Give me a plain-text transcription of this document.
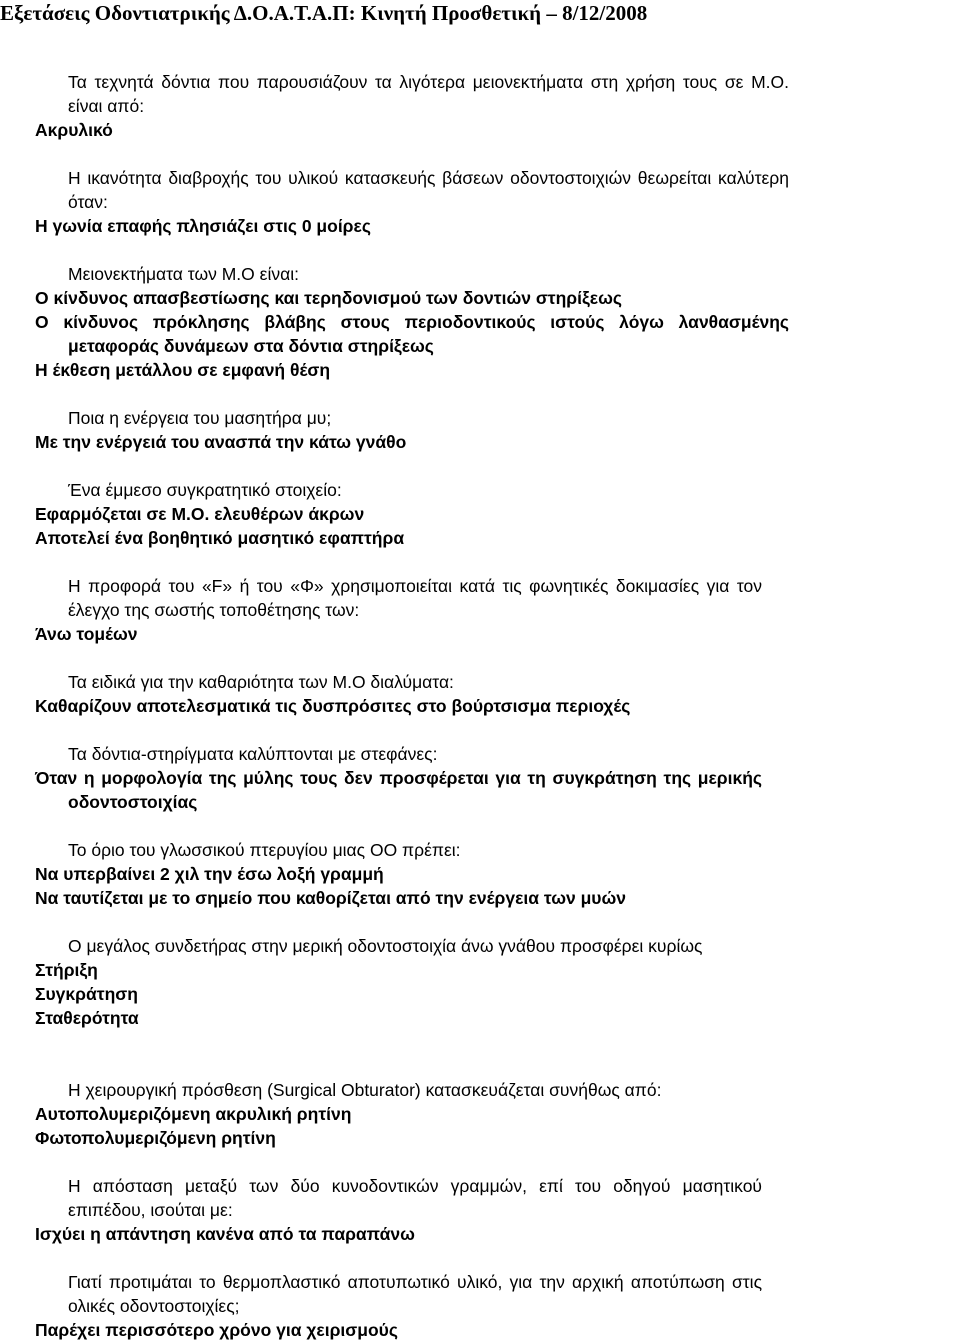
Εξετάσεις Οδοντιατρικής Δ.Ο.Α.Τ.Α.Π: Κινητή Προσθετική – 8/12/2008
Τα τεχνητά δόντια που παρουσιάζουν τα λιγότερα μειονεκτήματα στη χρήση τους σε Μ.Ο. είναι από:
Ακρυλικό
Η ικανότητα διαβροχής του υλικού κατασκευής βάσεων οδοντοστοιχιών θεωρείται καλύτερη όταν:
Η γωνία επαφής πλησιάζει στις 0 μοίρες
Μειονεκτήματα των Μ.Ο είναι:
Ο κίνδυνος απασβεστίωσης και τερηδονισμού των δοντιών στηρίξεως
Ο κίνδυνος πρόκλησης βλάβης στους περιοδοντικούς ιστούς λόγω λανθασμένης μεταφοράς δυνάμεων στα δόντια στηρίξεως
Η έκθεση μετάλλου σε εμφανή θέση
Ποια η ενέργεια του μασητήρα μυ;
Με την ενέργειά του ανασπά την κάτω γνάθο
Ένα έμμεσο συγκρατητικό στοιχείο:
Εφαρμόζεται σε Μ.Ο. ελευθέρων άκρων
Αποτελεί ένα βοηθητικό μασητικό εφαπτήρα
Η προφορά του «F» ή του «Φ» χρησιμοποιείται κατά τις φωνητικές δοκιμασίες για τον έλεγχο της σωστής τοποθέτησης των:
Άνω τομέων
Τα ειδικά για την καθαριότητα των Μ.Ο διαλύματα:
Καθαρίζουν αποτελεσματικά τις δυσπρόσιτες στο βούρτσισμα περιοχές
Τα δόντια-στηρίγματα καλύπτονται με στεφάνες:
Όταν η μορφολογία της μύλης τους δεν προσφέρεται για τη συγκράτηση της μερικής οδοντοστοιχίας
Το όριο του γλωσσικού πτερυγίου μιας ΟΟ πρέπει:
Να υπερβαίνει 2 χιλ την έσω λοξή γραμμή
Να ταυτίζεται με το σημείο που καθορίζεται από την ενέργεια των μυών
Ο μεγάλος συνδετήρας στην μερική οδοντοστοιχία άνω γνάθου προσφέρει κυρίως
Στήριξη
Συγκράτηση
Σταθερότητα
Η χειρουργική πρόσθεση (Surgical Obturator) κατασκευάζεται συνήθως από:
Αυτοπολυμεριζόμενη ακρυλική ρητίνη
Φωτοπολυμεριζόμενη ρητίνη
Η απόσταση μεταξύ των δύο κυνοδοντικών γραμμών, επί του οδηγού μασητικού επιπέδου, ισούται με:
Ισχύει η απάντηση κανένα από τα παραπάνω
Γιατί προτιμάται το θερμοπλαστικό αποτυπωτικό υλικό, για την αρχική αποτύπωση στις ολικές οδοντοστοιχίες;
Παρέχει περισσότερο χρόνο για χειρισμούς
